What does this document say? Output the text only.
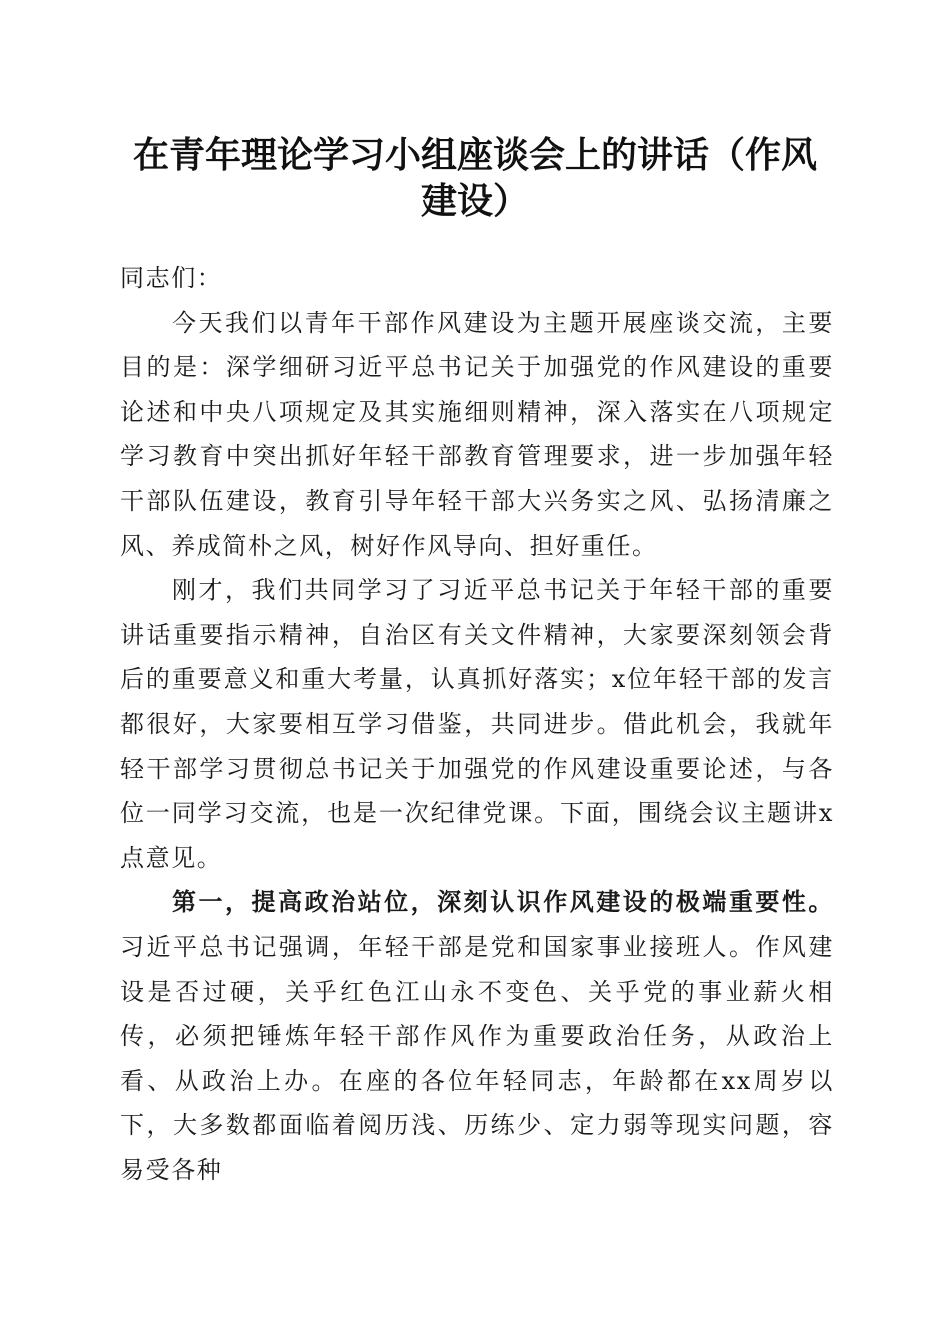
在青年理论学习小组座谈会上的讲话（作风建设）

同志们：

今天我们以青年干部作风建设为主题开展座谈交流，主要目的是：深学细研习近平总书记关于加强党的作风建设的重要论述和中央八项规定及其实施细则精神，深入落实在八项规定学习教育中突出抓好年轻干部教育管理要求，进一步加强年轻干部队伍建设，教育引导年轻干部大兴务实之风、弘扬清廉之风、养成简朴之风，树好作风导向、担好重任。

刚才，我们共同学习了习近平总书记关于年轻干部的重要讲话重要指示精神，自治区有关文件精神，大家要深刻领会背后的重要意义和重大考量，认真抓好落实；x位年轻干部的发言都很好，大家要相互学习借鉴，共同进步。借此机会，我就年轻干部学习贯彻总书记关于加强党的作风建设重要论述，与各位一同学习交流，也是一次纪律党课。下面，围绕会议主题讲x点意见。

第一，提高政治站位，深刻认识作风建设的极端重要性。习近平总书记强调，年轻干部是党和国家事业接班人。作风建设是否过硬，关乎红色江山永不变色、关乎党的事业薪火相传，必须把锤炼年轻干部作风作为重要政治任务，从政治上看、从政治上办。在座的各位年轻同志，年龄都在xx周岁以下，大多数都面临着阅历浅、历练少、定力弱等现实问题，容易受各种
